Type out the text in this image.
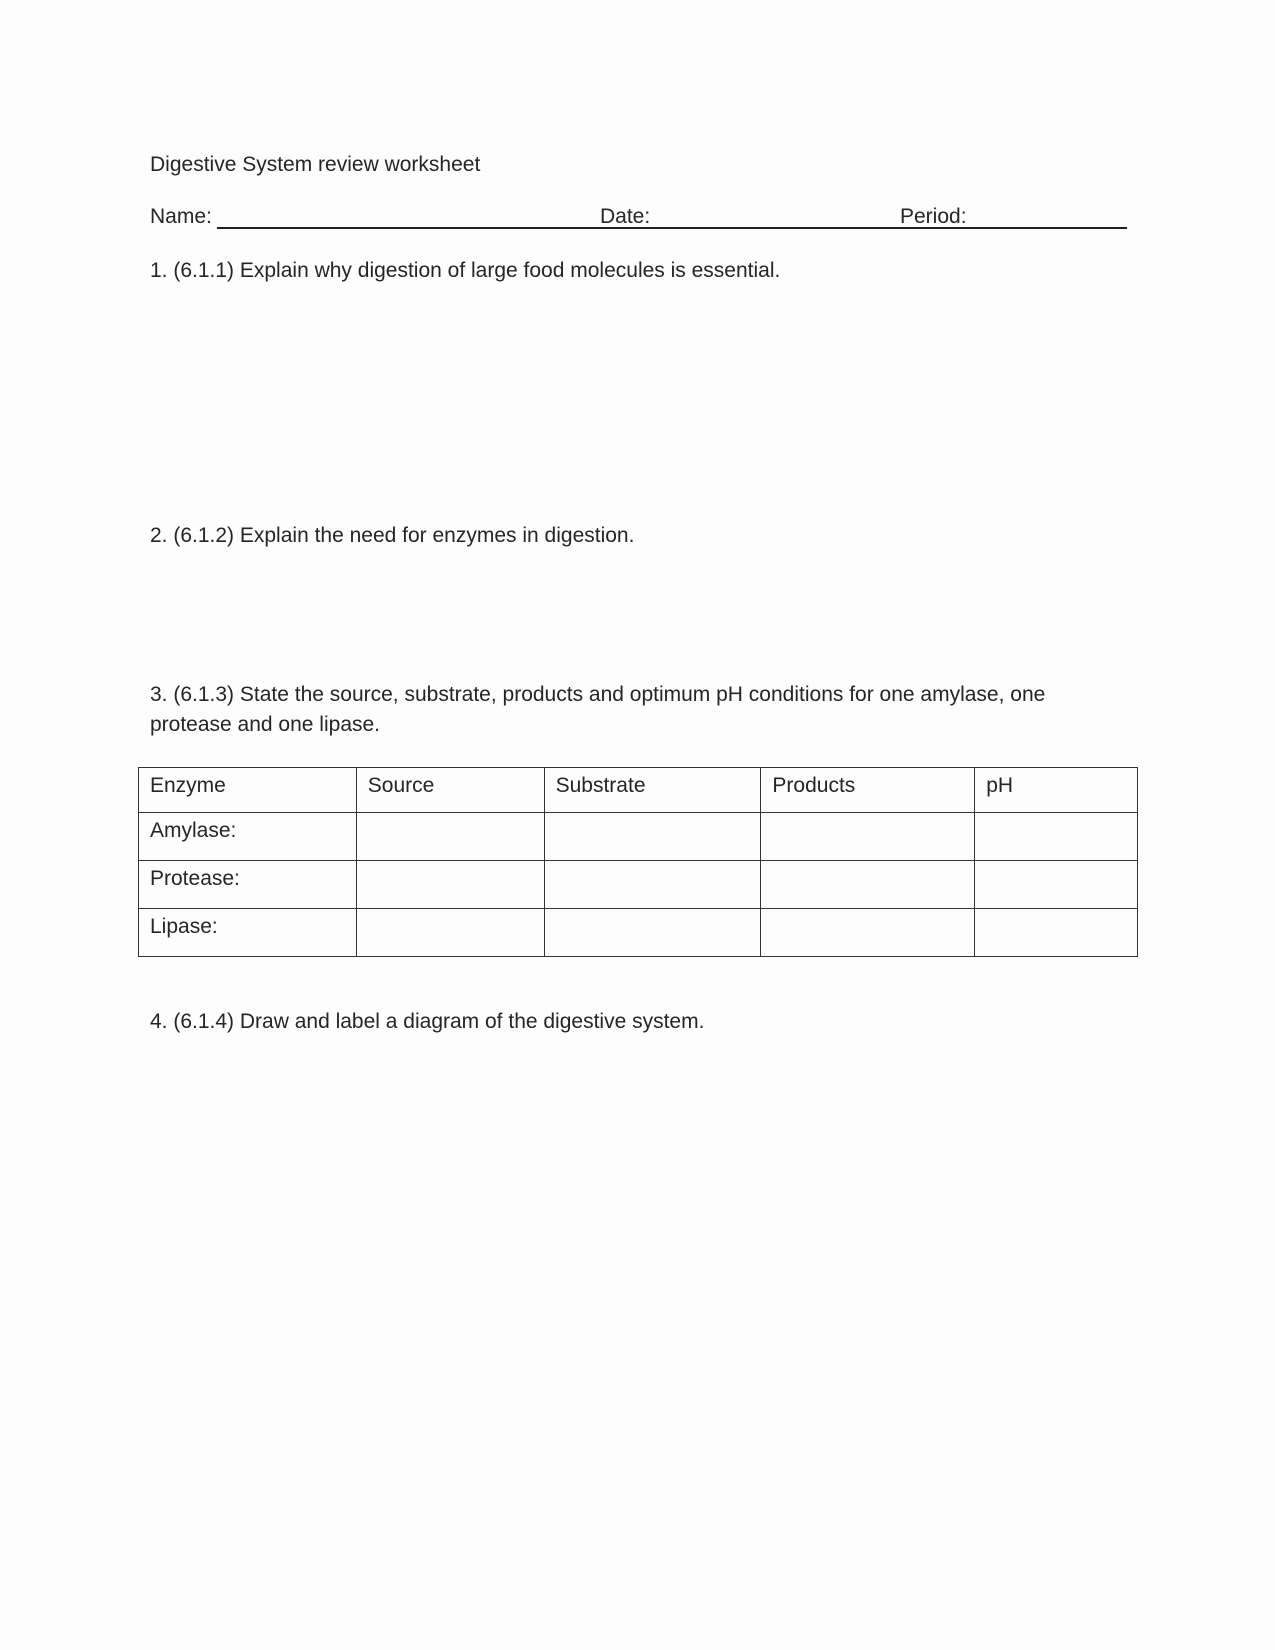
Digestive System review worksheet
Name:	Date:	Period:
1. (6.1.1) Explain why digestion of large food molecules is essential.
2. (6.1.2) Explain the need for enzymes in digestion.
3. (6.1.3) State the source, substrate, products and optimum pH conditions for one amylase, one protease and one lipase.
Enzyme	Source	Substrate	Products	pH
Amylase:				
Protease:				
Lipase:				
4. (6.1.4) Draw and label a diagram of the digestive system.
